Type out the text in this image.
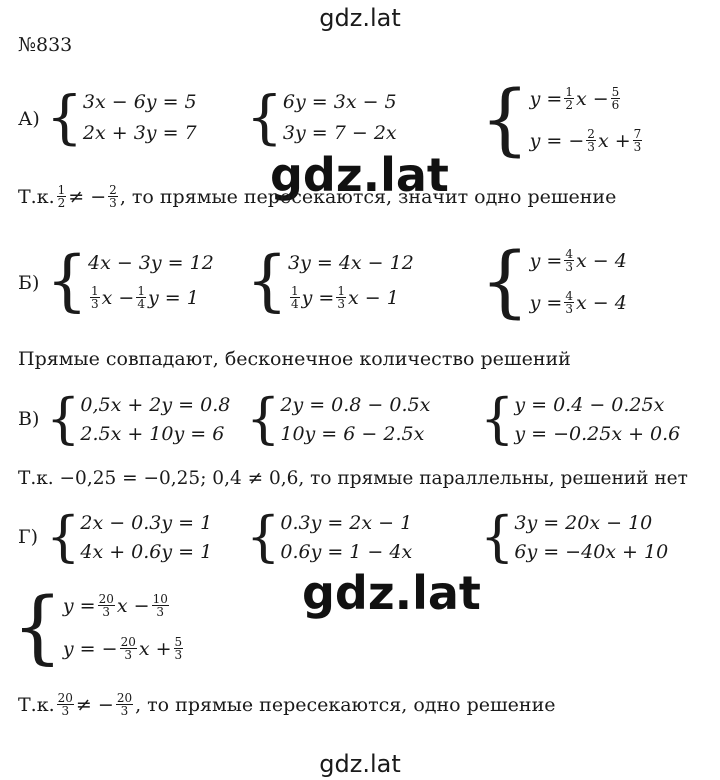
gdz.lat
gdz.lat
gdz.lat
gdz.lat
№833
А) { 3x − 6y = 5
2x + 3y = 7 { 6y = 3x − 5
3y = 7 − 2x { $y = \frac{1}{2}$ $x - \frac{5}{6}$
y = − $\frac{2}{3}$ $x + \frac{7}{3}$
Т.к. $\frac{1}{2}$ ≠ − $\frac{2}{3}$ , то прямые пересекаются, значит одно решение
Б) { 4x − 3y = 12
$\frac{1}{3}$ $x - \frac{1}{4}$ y = 1 { 3y = 4x − 12
$\frac{1}{4}$ $y = \frac{1}{3}$ x − 1 { $y = \frac{4}{3}$ x − 4
$y = \frac{4}{3}$ x − 4
Прямые совпадают, бесконечное количество решений
В) { 0,5x + 2y = 0.8
2.5x + 10y = 6 { 2y = 0.8 − 0.5x
10y = 6 − 2.5x { y = 0.4 − 0.25x
y = −0.25x + 0.6
Т.к. −0,25 = −0,25; 0,4 ≠ 0,6, то прямые параллельны, решений нет
Г) { 2x − 0.3y = 1
4x + 0.6y = 1 { 0.3y = 2x − 1
0.6y = 1 − 4x { 3y = 20x − 10
6y = −40x + 10
{ $y = \frac{20}{3}$ $x - \frac{10}{3}$
y = − $\frac{20}{3}$ $x + \frac{5}{3}$
Т.к. $\frac{20}{3}$ ≠ − $\frac{20}{3}$ , то прямые пересекаются, одно решение
